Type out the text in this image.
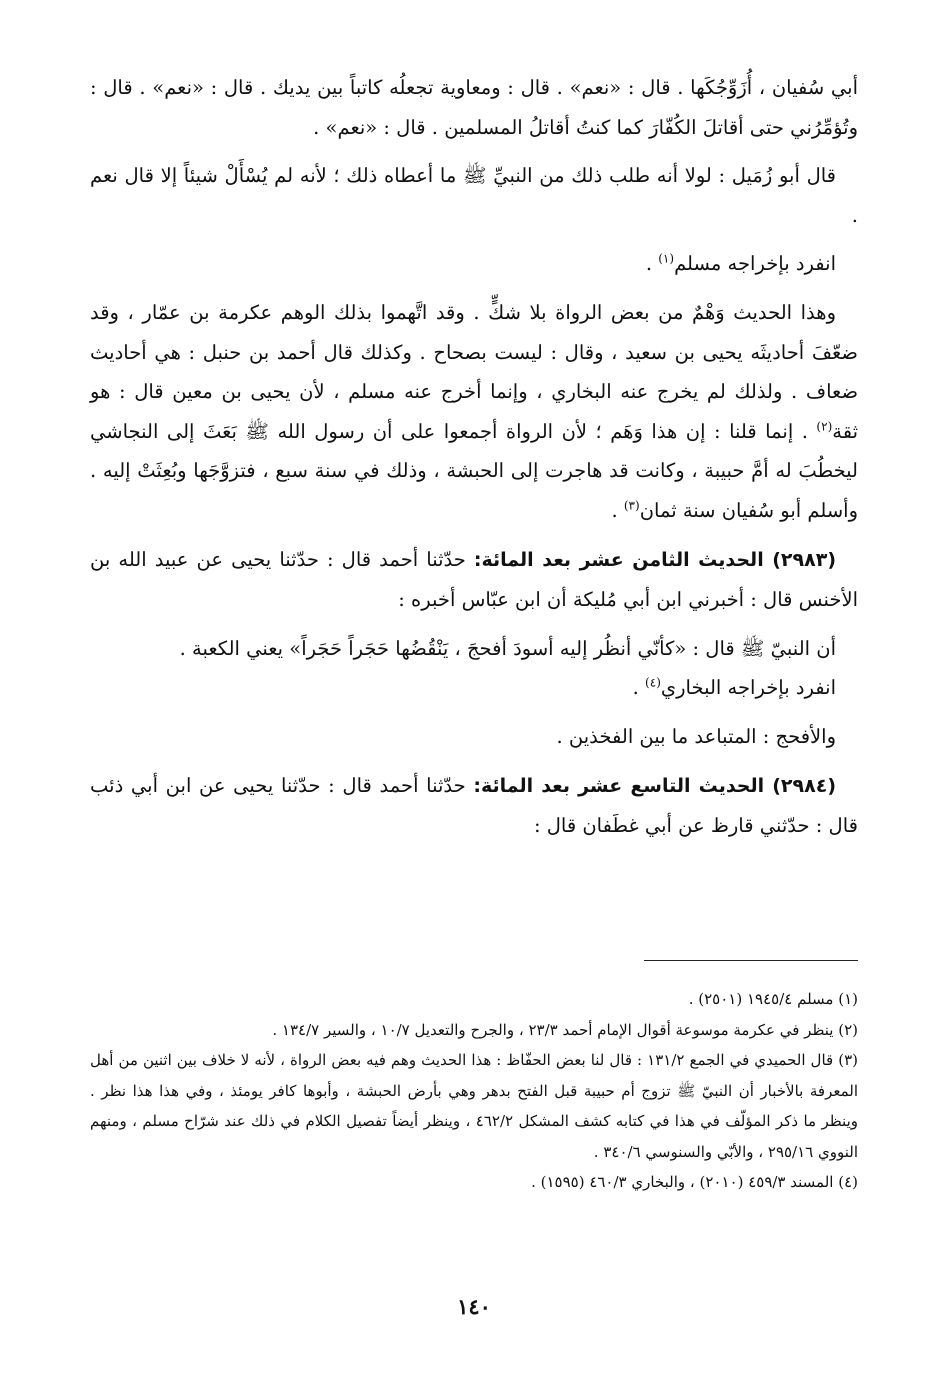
أبي سُفيان ، أُزَوِّجُكَها . قال : «نعم» . قال : ومعاوية تجعلُه كاتباً بين يديك . قال : «نعم» . قال : وتُؤمِّرُني حتى أقاتلَ الكُفّارَ كما كنتُ أقاتلُ المسلمين . قال : «نعم» .

قال أبو زُمَيل : لولا أنه طلب ذلك من النبيِّ ﷺ ما أعطاه ذلك ؛ لأنه لم يُسْأَلْ شيئاً إلا قال نعم .

انفرد بإخراجه مسلم$^{(١)}$ .

وهذا الحديث وَهْمٌ من بعض الرواة بلا شكٍّ . وقد اتَّهموا بذلك الوهم عكرمة بن عمّار ، وقد ضعّفَ أحاديثَه يحيى بن سعيد ، وقال : ليست بصحاح . وكذلك قال أحمد بن حنبل : هي أحاديث ضعاف . ولذلك لم يخرج عنه البخاري ، وإنما أخرج عنه مسلم ، لأن يحيى بن معين قال : هو ثقة$^{(٢)}$ . إنما قلنا : إن هذا وَهَم ؛ لأن الرواة أجمعوا على أن رسول الله ﷺ بَعَثَ إلى النجاشي ليخطُبَ له أمَّ حبيبة ، وكانت قد هاجرت إلى الحبشة ، وذلك في سنة سبع ، فتزوَّجَها وبُعِثَتْ إليه . وأسلم أبو سُفيان سنة ثمان$^{(٣)}$ .

(٢٩٨٣) الحديث الثامن عشر بعد المائة: حدّثنا أحمد قال : حدّثنا يحيى عن عبيد الله بن الأخنس قال : أخبرني ابن أبي مُليكة أن ابن عبّاس أخبره :

أن النبيّ ﷺ قال : «كأنّي أنظُر إليه أسودَ أفحجَ ، يَنْقُضُها حَجَراً حَجَراً» يعني الكعبة .

انفرد بإخراجه البخاري$^{(٤)}$ .

والأفحج : المتباعد ما بين الفخذين .

(٢٩٨٤) الحديث التاسع عشر بعد المائة: حدّثنا أحمد قال : حدّثنا يحيى عن ابن أبي ذئب قال : حدّثني قارظ عن أبي غطَفان قال :

(١) مسلم ١٩٤٥/٤ (٢٥٠١) .

(٢) ينظر في عكرمة موسوعة أقوال الإمام أحمد ٢٣/٣ ، والجرح والتعديل ١٠/٧ ، والسير ١٣٤/٧ .

(٣) قال الحميدي في الجمع ١٣١/٢ : قال لنا بعض الحفّاظ : هذا الحديث وهم فيه بعض الرواة ، لأنه لا خلاف بين اثنين من أهل المعرفة بالأخبار أن النبيّ ﷺ تزوج أم حبيبة قبل الفتح بدهر وهي بأرض الحبشة ، وأبوها كافر يومئذ ، وفي هذا هذا نظر . وينظر ما ذكر المؤلّف في هذا في كتابه كشف المشكل ٤٦٢/٢ ، وينظر أيضاً تفصيل الكلام في ذلك عند شرّاح مسلم ، ومنهم النووي ٢٩٥/١٦ ، والأبّي والسنوسي ٣٤٠/٦ .

(٤) المسند ٤٥٩/٣ (٢٠١٠) ، والبخاري ٤٦٠/٣ (١٥٩٥) .

١٤٠
